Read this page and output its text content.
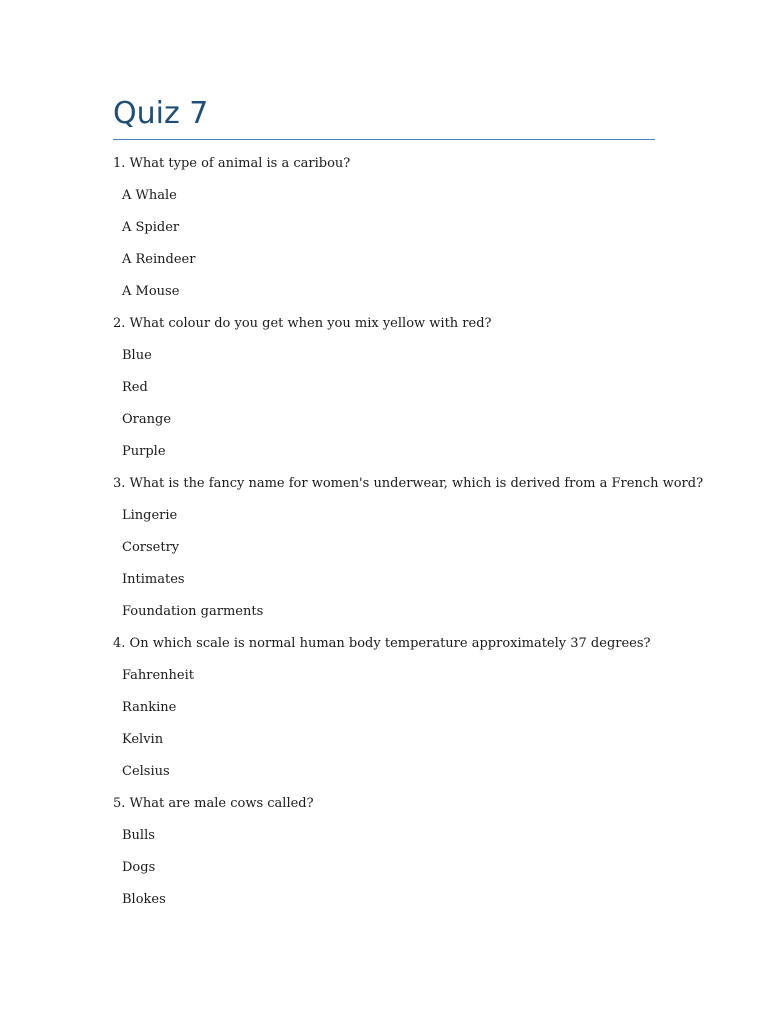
Quiz 7
1. What type of animal is a caribou?
A Whale
A Spider
A Reindeer
A Mouse
2. What colour do you get when you mix yellow with red?
Blue
Red
Orange
Purple
3. What is the fancy name for women's underwear, which is derived from a French word?
Lingerie
Corsetry
Intimates
Foundation garments
4. On which scale is normal human body temperature approximately 37 degrees?
Fahrenheit
Rankine
Kelvin
Celsius
5. What are male cows called?
Bulls
Dogs
Blokes
